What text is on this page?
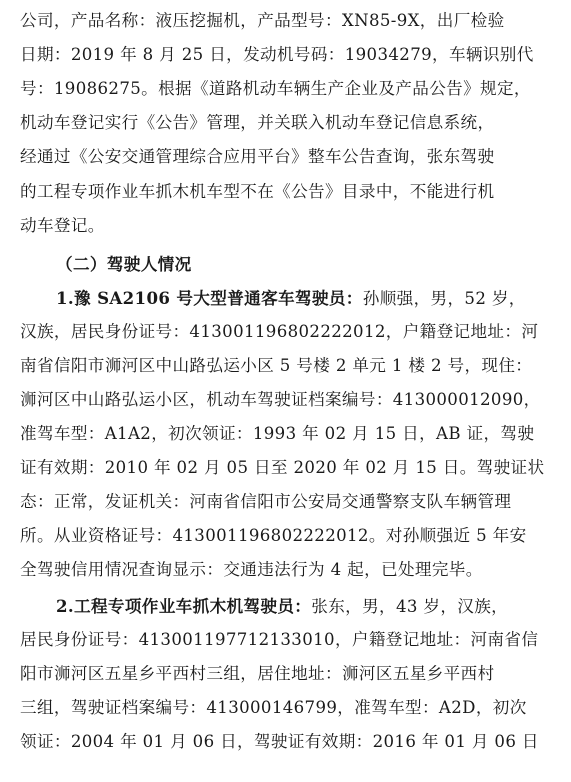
公司，产品名称：液压挖掘机，产品型号：XN85-9X，出厂检验
日期：2019 年 8 月 25 日，发动机号码：19034279，车辆识别代
号：19086275。根据《道路机动车辆生产企业及产品公告》规定，
机动车登记实行《公告》管理，并关联入机动车登记信息系统，
经通过《公安交通管理综合应用平台》整车公告查询，张东驾驶
的工程专项作业车抓木机车型不在《公告》目录中，不能进行机
动车登记。
（二）驾驶人情况
1.豫 SA2106 号大型普通客车驾驶员：孙顺强，男，52 岁，
汉族，居民身份证号：413001196802222012，户籍登记地址：河
南省信阳市浉河区中山路弘运小区 5 号楼 2 单元 1 楼 2 号，现住：
浉河区中山路弘运小区，机动车驾驶证档案编号：413000012090，
准驾车型：A1A2，初次领证：1993 年 02 月 15 日，AB 证，驾驶
证有效期：2010 年 02 月 05 日至 2020 年 02 月 15 日。驾驶证状
态：正常，发证机关：河南省信阳市公安局交通警察支队车辆管理
所。从业资格证号：413001196802222012。对孙顺强近 5 年安
全驾驶信用情况查询显示：交通违法行为 4 起，已处理完毕。
2.工程专项作业车抓木机驾驶员：张东，男，43 岁，汉族，
居民身份证号：413001197712133010，户籍登记地址：河南省信
阳市浉河区五星乡平西村三组，居住地址：浉河区五星乡平西村
三组，驾驶证档案编号：413000146799，准驾车型：A2D，初次
领证：2004 年 01 月 06 日，驾驶证有效期：2016 年 01 月 06 日
